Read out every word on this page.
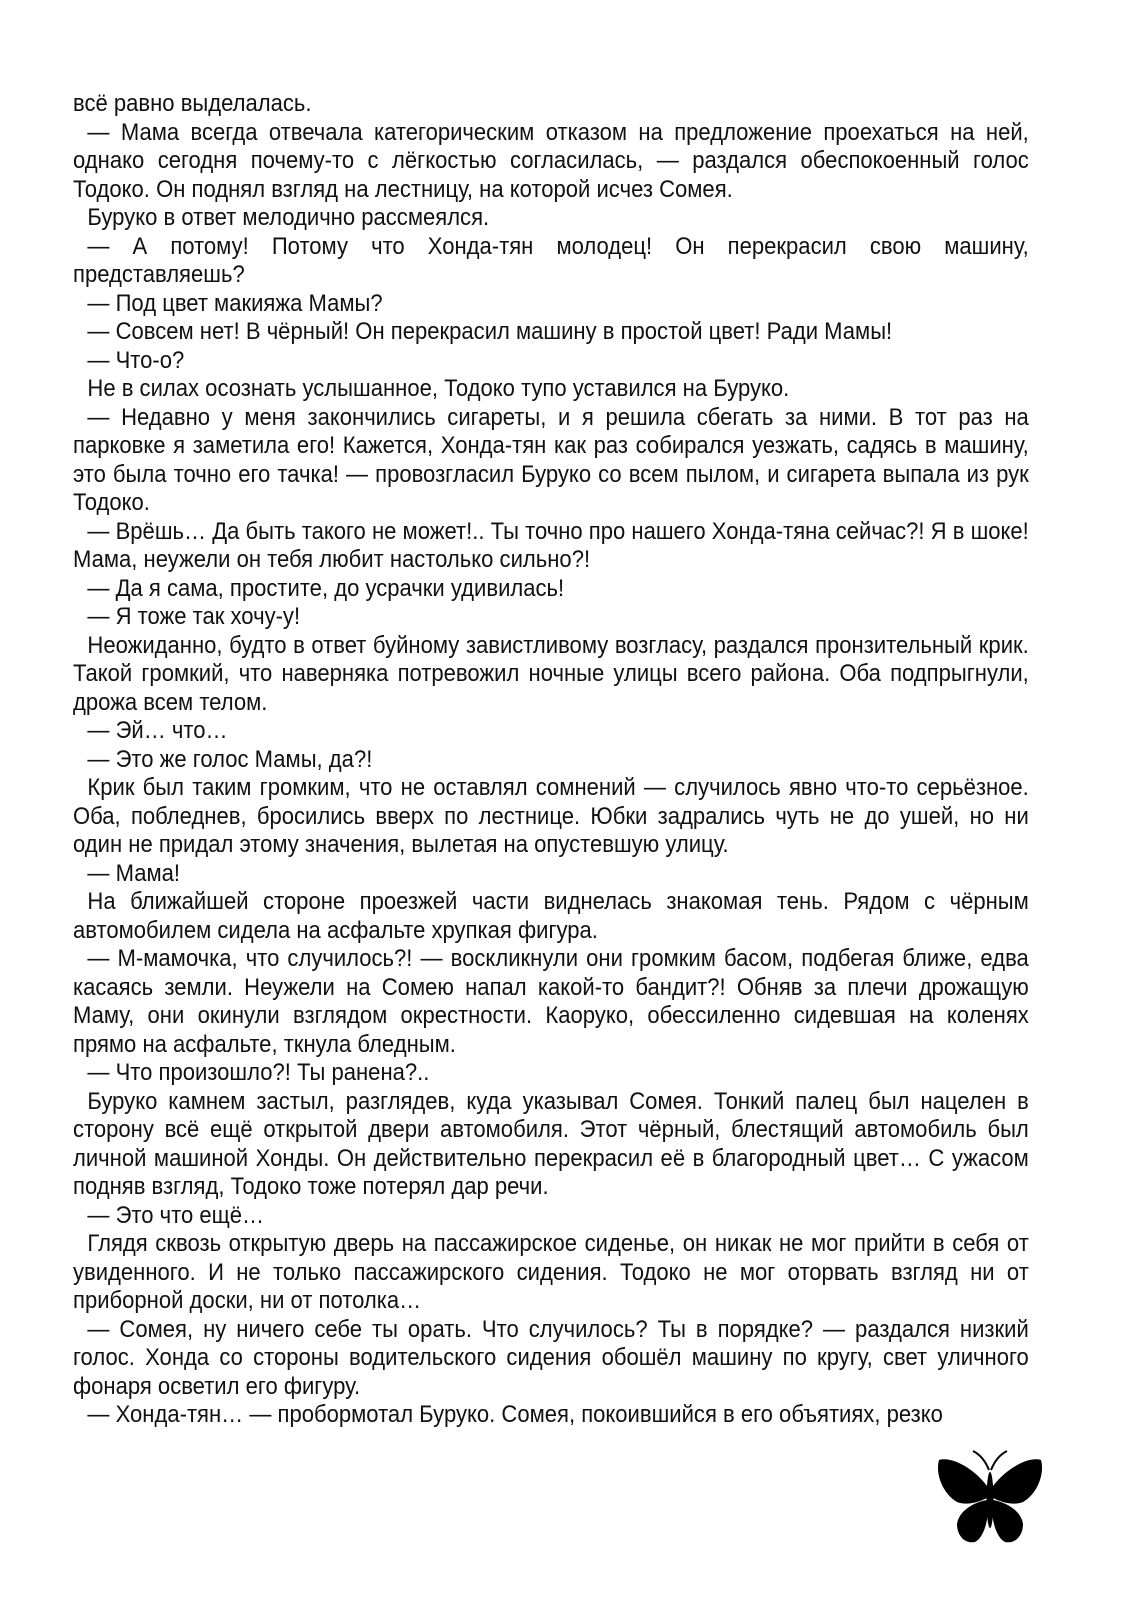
всё равно выделалась.

— Мама всегда отвечала категорическим отказом на предложение проехаться на ней, однако сегодня почему-то с лёгкостью согласилась, — раздался обеспокоенный голос Тодоко. Он поднял взгляд на лестницу, на которой исчез Сомея.

Буруко в ответ мелодично рассмеялся.

— А потому! Потому что Хонда-тян молодец! Он перекрасил свою машину, представляешь?

— Под цвет макияжа Мамы?

— Совсем нет! В чёрный! Он перекрасил машину в простой цвет! Ради Мамы!

— Что-о?

Не в силах осознать услышанное, Тодоко тупо уставился на Буруко.

— Недавно у меня закончились сигареты, и я решила сбегать за ними. В тот раз на парковке я заметила его! Кажется, Хонда-тян как раз собирался уезжать, садясь в машину, это была точно его тачка! — провозгласил Буруко со всем пылом, и сигарета выпала из рук Тодоко.

— Врёшь… Да быть такого не может!.. Ты точно про нашего Хонда-тяна сейчас?! Я в шоке! Мама, неужели он тебя любит настолько сильно?!

— Да я сама, простите, до усрачки удивилась!

— Я тоже так хочу-у!

Неожиданно, будто в ответ буйному завистливому возгласу, раздался пронзительный крик. Такой громкий, что наверняка потревожил ночные улицы всего района. Оба подпрыгнули, дрожа всем телом.

— Эй… что…

— Это же голос Мамы, да?!

Крик был таким громким, что не оставлял сомнений — случилось явно что-то серьёзное. Оба, побледнев, бросились вверх по лестнице. Юбки задрались чуть не до ушей, но ни один не придал этому значения, вылетая на опустевшую улицу.

— Мама!

На ближайшей стороне проезжей части виднелась знакомая тень. Рядом с чёрным автомобилем сидела на асфальте хрупкая фигура.

— М-мамочка, что случилось?! — воскликнули они громким басом, подбегая ближе, едва касаясь земли. Неужели на Сомею напал какой-то бандит?! Обняв за плечи дрожащую Маму, они окинули взглядом окрестности. Каоруко, обессиленно сидевшая на коленях прямо на асфальте, ткнула бледным.

— Что произошло?! Ты ранена?..

Буруко камнем застыл, разглядев, куда указывал Сомея. Тонкий палец был нацелен в сторону всё ещё открытой двери автомобиля. Этот чёрный, блестящий автомобиль был личной машиной Хонды. Он действительно перекрасил её в благородный цвет… С ужасом подняв взгляд, Тодоко тоже потерял дар речи.

— Это что ещё…

Глядя сквозь открытую дверь на пассажирское сиденье, он никак не мог прийти в себя от увиденного. И не только пассажирского сидения. Тодоко не мог оторвать взгляд ни от приборной доски, ни от потолка…

— Сомея, ну ничего себе ты орать. Что случилось? Ты в порядке? — раздался низкий голос. Хонда со стороны водительского сидения обошёл машину по кругу, свет уличного фонаря осветил его фигуру.

— Хонда-тян… — пробормотал Буруко. Сомея, покоившийся в его объятиях, резко
